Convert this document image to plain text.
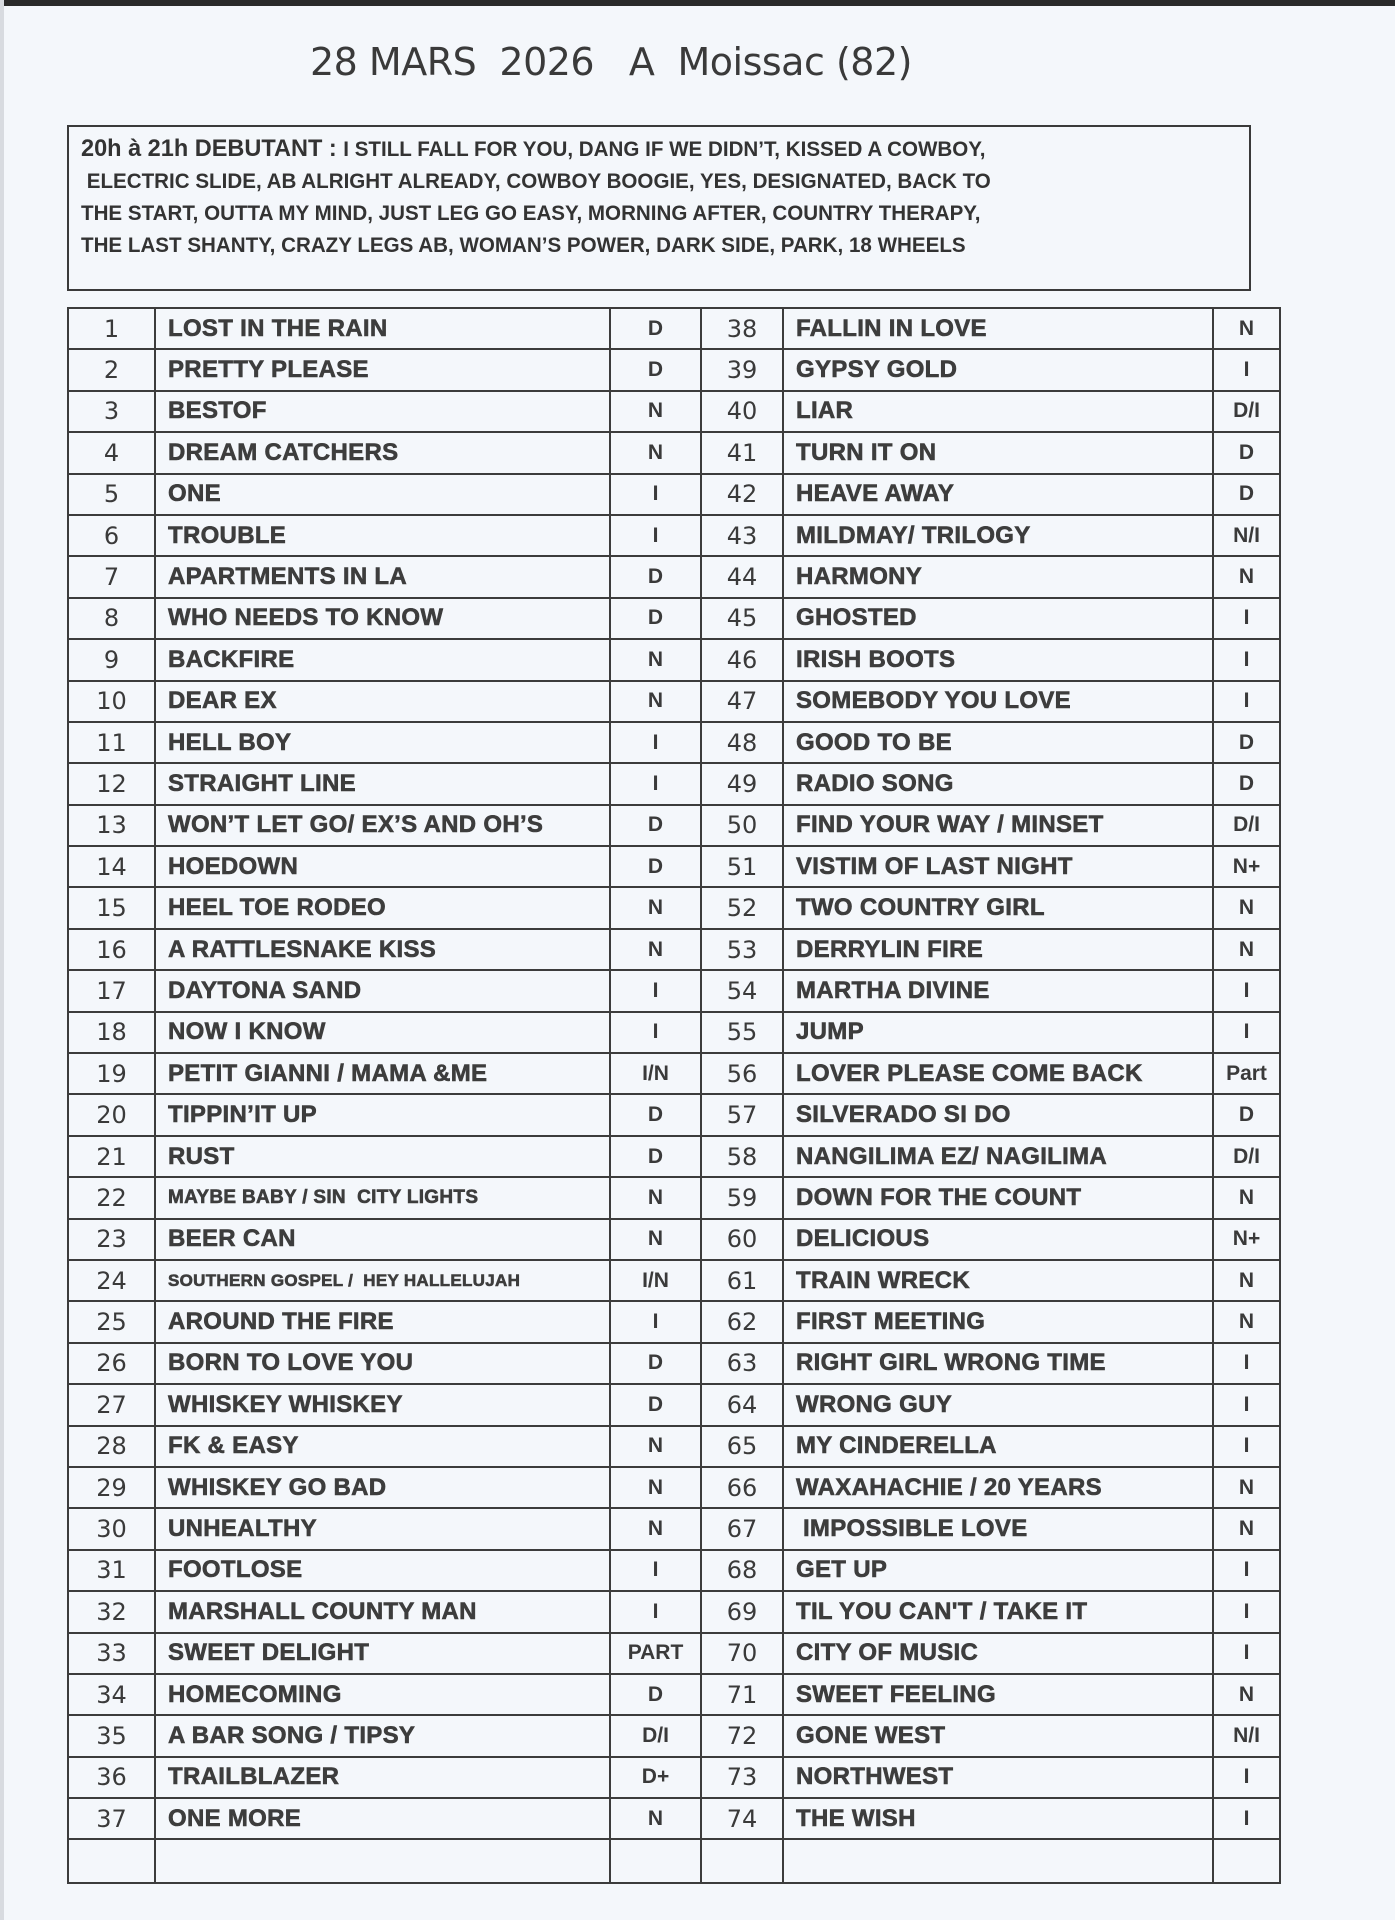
28 MARS  2026   A  Moissac (82)
20h à 21h DEBUTANT : I STILL FALL FOR YOU, DANG IF WE DIDN’T, KISSED A COWBOY,
ELECTRIC SLIDE, AB ALRIGHT ALREADY, COWBOY BOOGIE, YES, DESIGNATED, BACK TO
THE START, OUTTA MY MIND, JUST LEG GO EASY, MORNING AFTER, COUNTRY THERAPY,
THE LAST SHANTY, CRAZY LEGS AB, WOMAN’S POWER, DARK SIDE, PARK, 18 WHEELS
1	LOST IN THE RAIN	D	38	FALLIN IN LOVE	N
2	PRETTY PLEASE	D	39	GYPSY GOLD	I
3	BESTOF	N	40	LIAR	D/I
4	DREAM CATCHERS	N	41	TURN IT ON	D
5	ONE	I	42	HEAVE AWAY	D
6	TROUBLE	I	43	MILDMAY/ TRILOGY	N/I
7	APARTMENTS IN LA	D	44	HARMONY	N
8	WHO NEEDS TO KNOW	D	45	GHOSTED	I
9	BACKFIRE	N	46	IRISH BOOTS	I
10	DEAR EX	N	47	SOMEBODY YOU LOVE	I
11	HELL BOY	I	48	GOOD TO BE	D
12	STRAIGHT LINE	I	49	RADIO SONG	D
13	WON’T LET GO/ EX’S AND OH’S	D	50	FIND YOUR WAY / MINSET	D/I
14	HOEDOWN	D	51	VISTIM OF LAST NIGHT	N+
15	HEEL TOE RODEO	N	52	TWO COUNTRY GIRL	N
16	A RATTLESNAKE KISS	N	53	DERRYLIN FIRE	N
17	DAYTONA SAND	I	54	MARTHA DIVINE	I
18	NOW I KNOW	I	55	JUMP	I
19	PETIT GIANNI / MAMA &ME	I/N	56	LOVER PLEASE COME BACK	Part
20	TIPPIN’IT UP	D	57	SILVERADO SI DO	D
21	RUST	D	58	NANGILIMA EZ/ NAGILIMA	D/I
22	MAYBE BABY / SIN  CITY LIGHTS	N	59	DOWN FOR THE COUNT	N
23	BEER CAN	N	60	DELICIOUS	N+
24	SOUTHERN GOSPEL /  HEY HALLELUJAH	I/N	61	TRAIN WRECK	N
25	AROUND THE FIRE	I	62	FIRST MEETING	N
26	BORN TO LOVE YOU	D	63	RIGHT GIRL WRONG TIME	I
27	WHISKEY WHISKEY	D	64	WRONG GUY	I
28	FK & EASY	N	65	MY CINDERELLA	I
29	WHISKEY GO BAD	N	66	WAXAHACHIE / 20 YEARS	N
30	UNHEALTHY	N	67	IMPOSSIBLE LOVE	N
31	FOOTLOSE	I	68	GET UP	I
32	MARSHALL COUNTY MAN	I	69	TIL YOU CAN'T / TAKE IT	I
33	SWEET DELIGHT	PART	70	CITY OF MUSIC	I
34	HOMECOMING	D	71	SWEET FEELING	N
35	A BAR SONG / TIPSY	D/I	72	GONE WEST	N/I
36	TRAILBLAZER	D+	73	NORTHWEST	I
37	ONE MORE	N	74	THE WISH	I
